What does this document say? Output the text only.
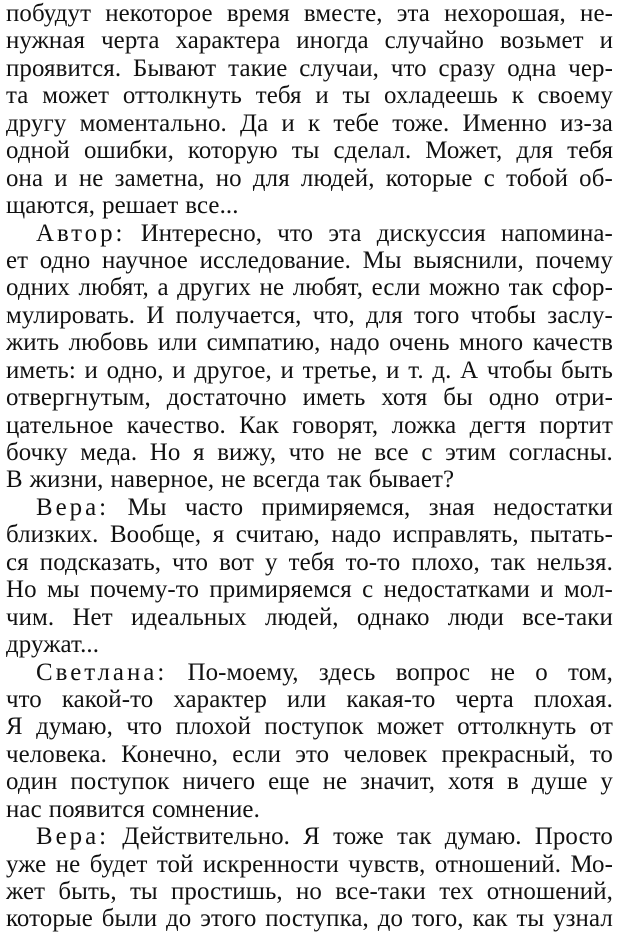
побудут некоторое время вместе, эта нехорошая, не-
нужная черта характера иногда случайно возьмет и
проявится. Бывают такие случаи, что сразу одна чер-
та может оттолкнуть тебя и ты охладеешь к своему
другу моментально. Да и к тебе тоже. Именно из-за
одной ошибки, которую ты сделал. Может, для тебя
она и не заметна, но для людей, которые с тобой об-
щаются, решает все...
Автор: Интересно, что эта дискуссия напомина-
ет одно научное исследование. Мы выяснили, почему
одних любят, а других не любят, если можно так сфор-
мулировать. И получается, что, для того чтобы заслу-
жить любовь или симпатию, надо очень много качеств
иметь: и одно, и другое, и третье, и т. д. А чтобы быть
отвергнутым, достаточно иметь хотя бы одно отри-
цательное качество. Как говорят, ложка дегтя портит
бочку меда. Но я вижу, что не все с этим согласны.
В жизни, наверное, не всегда так бывает?
Вера: Мы часто примиряемся, зная недостатки
близких. Вообще, я считаю, надо исправлять, пытать-
ся подсказать, что вот у тебя то-то плохо, так нельзя.
Но мы почему-то примиряемся с недостатками и мол-
чим. Нет идеальных людей, однако люди все-таки
дружат...
Светлана: По-моему, здесь вопрос не о том,
что какой-то характер или какая-то черта плохая.
Я думаю, что плохой поступок может оттолкнуть от
человека. Конечно, если это человек прекрасный, то
один поступок ничего еще не значит, хотя в душе у
нас появится сомнение.
Вера: Действительно. Я тоже так думаю. Просто
уже не будет той искренности чувств, отношений. Мо-
жет быть, ты простишь, но все-таки тех отношений,
которые были до этого поступка, до того, как ты узнал
